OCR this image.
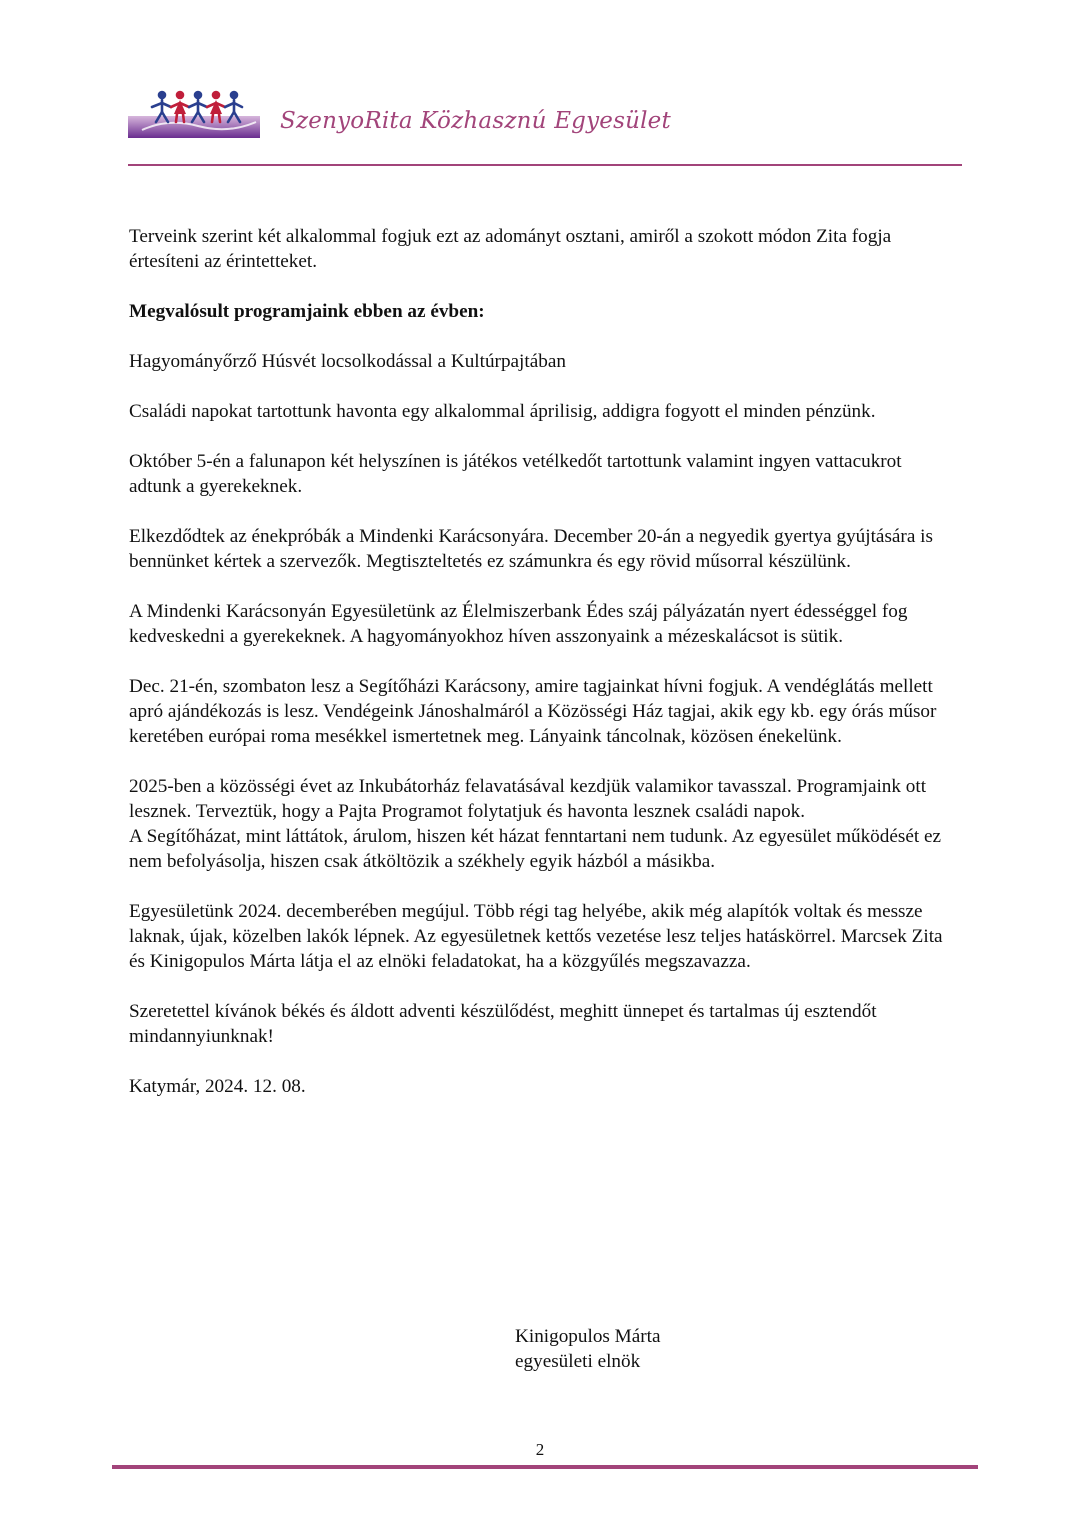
SzenyoRita Közhasznú Egyesület

Terveink szerint két alkalommal fogjuk ezt az adományt osztani, amiről a szokott módon Zita fogja értesíteni az érintetteket.

Megvalósult programjaink ebben az évben:

Hagyományőrző Húsvét locsolkodással a Kultúrpajtában

Családi napokat tartottunk havonta egy alkalommal áprilisig, addigra fogyott el minden pénzünk.

Október 5-én a falunapon két helyszínen is játékos vetélkedőt tartottunk valamint ingyen vattacukrot adtunk a gyerekeknek.

Elkezdődtek az énekpróbák a Mindenki Karácsonyára. December 20-án a negyedik gyertya gyújtására is bennünket kértek a szervezők. Megtiszteltetés ez számunkra és egy rövid műsorral készülünk.

A Mindenki Karácsonyán Egyesületünk az Élelmiszerbank Édes száj pályázatán nyert édességgel fog kedveskedni a gyerekeknek. A hagyományokhoz híven asszonyaink a mézeskalácsot is sütik.

Dec. 21-én, szombaton lesz a Segítőházi Karácsony, amire tagjainkat hívni fogjuk. A vendéglátás mellett apró ajándékozás is lesz. Vendégeink Jánoshalmáról a Közösségi Ház tagjai, akik egy kb. egy órás műsor keretében európai roma mesékkel ismertetnek meg. Lányaink táncolnak, közösen énekelünk.

2025-ben a közösségi évet az Inkubátorház felavatásával kezdjük valamikor tavasszal. Programjaink ott lesznek. Terveztük, hogy a Pajta Programot folytatjuk és havonta lesznek családi napok.

A Segítőházat, mint láttátok, árulom, hiszen két házat fenntartani nem tudunk. Az egyesület működését ez nem befolyásolja, hiszen csak átköltözik a székhely egyik házból a másikba.

Egyesületünk 2024. decemberében megújul. Több régi tag helyébe, akik még alapítók voltak és messze laknak, újak, közelben lakók lépnek. Az egyesületnek kettős vezetése lesz teljes hatáskörrel. Marcsek Zita és Kinigopulos Márta látja el az elnöki feladatokat, ha a közgyűlés megszavazza.

Szeretettel kívánok békés és áldott adventi készülődést, meghitt ünnepet és tartalmas új esztendőt mindannyiunknak!

Katymár, 2024. 12. 08.

Kinigopulos Márta
egyesületi elnök
2
